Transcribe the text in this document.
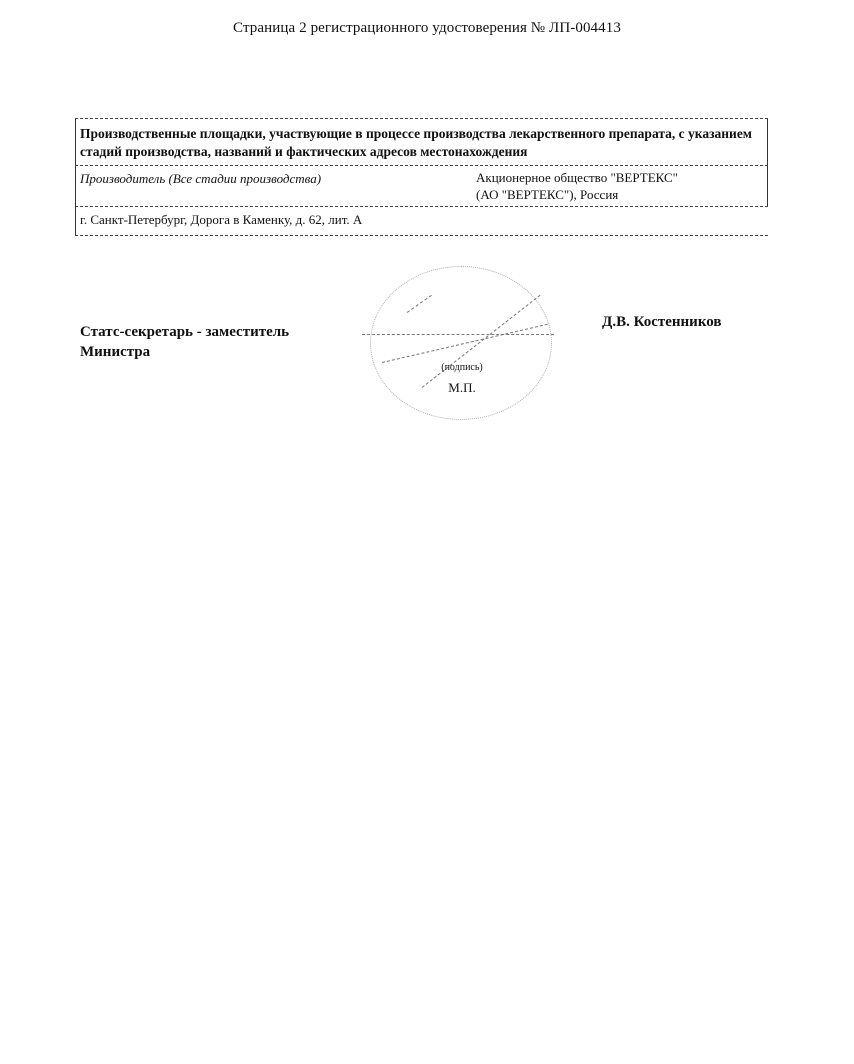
Страница 2 регистрационного удостоверения № ЛП-004413
Производственные площадки, участвующие в процессе производства лекарственного препарата, с указанием стадий производства, названий и фактических адресов местонахождения
Производитель (Все стадии производства)	Акционерное общество "ВЕРТЕКС"
(АО "ВЕРТЕКС"), Россия
г. Санкт-Петербург, Дорога в Каменку, д. 62, лит. А
(подпись)
М.П.
Статс-секретарь - заместитель
Министра
Д.В. Костенников
